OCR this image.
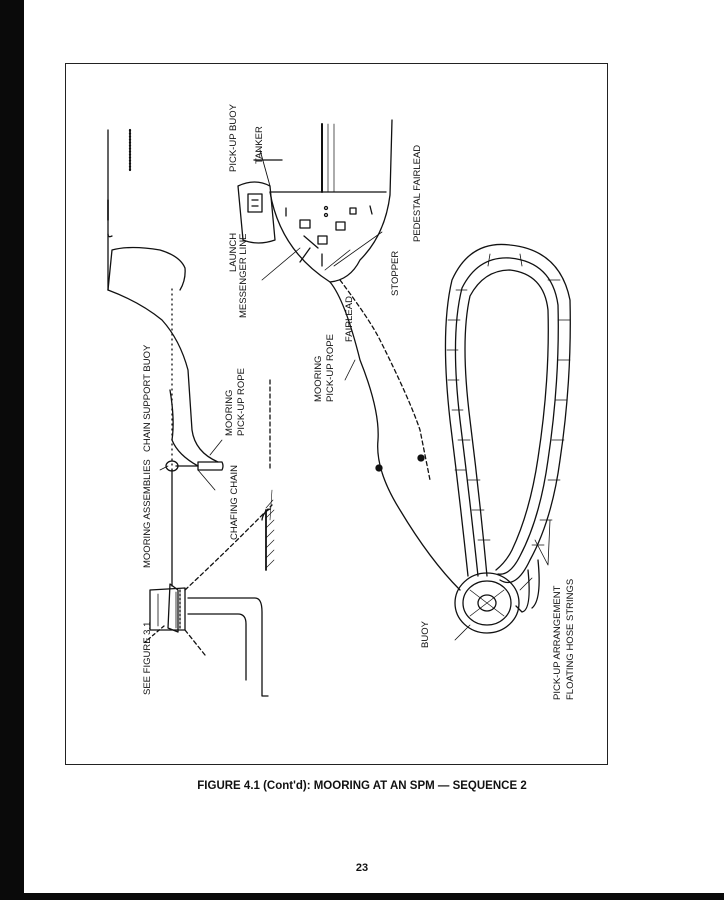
SEE FIGURE 3.1
MOORING ASSEMBLIES	CHAFING CHAIN
CHAIN SUPPORT BUOY	MOORING PICK-UP ROPE	MOORING PICK-UP ROPE
FAIRLEAD
MESSENGER LINE
LAUNCH	STOPPER
PEDESTAL FAIRLEAD
PICK-UP BUOY TANKER
BUOY	PICK-UP ARRANGEMENT FLOATING HOSE STRINGS
FIGURE 4.1 (Cont'd): MOORING AT AN SPM — SEQUENCE 2
23
